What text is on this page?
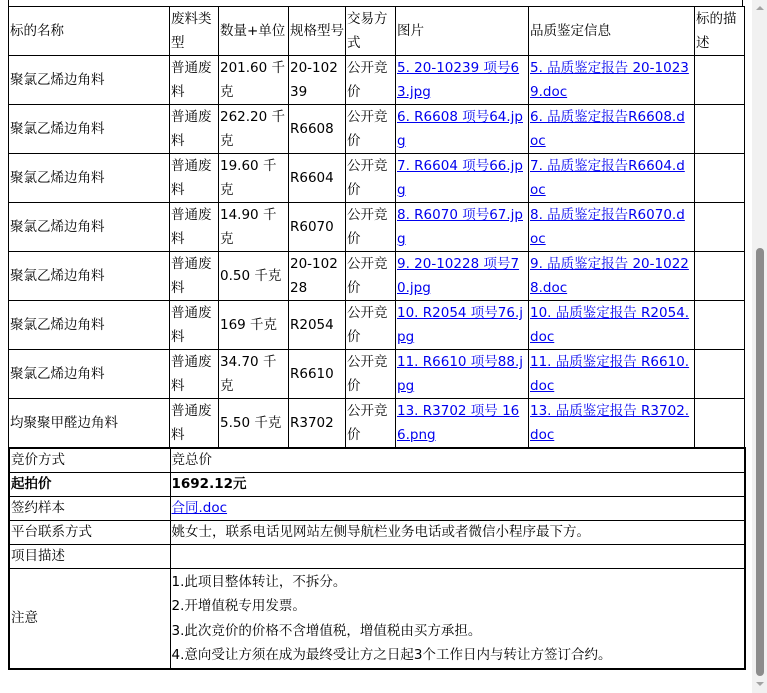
标的名称	废料类型	数量+单位	规格型号	交易方式	图片	品质鉴定信息	标的描述
聚氯乙烯边角料	普通废料	201.60 千克	20-10239	公开竞价	5. 20-10239 项号63.jpg	5. 品质鉴定报告 20-10239.doc	
聚氯乙烯边角料	普通废料	262.20 千克	R6608	公开竞价	6. R6608 项号64.jpg	6. 品质鉴定报告R6608.doc	
聚氯乙烯边角料	普通废料	19.60 千克	R6604	公开竞价	7. R6604 项号66.jpg	7. 品质鉴定报告R6604.doc	
聚氯乙烯边角料	普通废料	14.90 千克	R6070	公开竞价	8. R6070 项号67.jpg	8. 品质鉴定报告R6070.doc	
聚氯乙烯边角料	普通废料	0.50 千克	20-10228	公开竞价	9. 20-10228 项号70.jpg	9. 品质鉴定报告 20-10228.doc	
聚氯乙烯边角料	普通废料	169 千克	R2054	公开竞价	10. R2054 项号76.jpg	10. 品质鉴定报告 R2054.doc	
聚氯乙烯边角料	普通废料	34.70 千克	R6610	公开竞价	11. R6610 项号88.jpg	11. 品质鉴定报告 R6610.doc	
均聚聚甲醛边角料	普通废料	5.50 千克	R3702	公开竞价	13. R3702 项号 166.png	13. 品质鉴定报告 R3702.doc	
竞价方式	竞总价
起拍价	1692.12元
签约样本	合同.doc
平台联系方式	姚女士，联系电话见网站左侧导航栏业务电话或者微信小程序最下方。
项目描述	
注意	1.此项目整体转让，不拆分。
2.开增值税专用发票。
3.此次竞价的价格不含增值税，增值税由买方承担。
4.意向受让方须在成为最终受让方之日起3个工作日内与转让方签订合约。
